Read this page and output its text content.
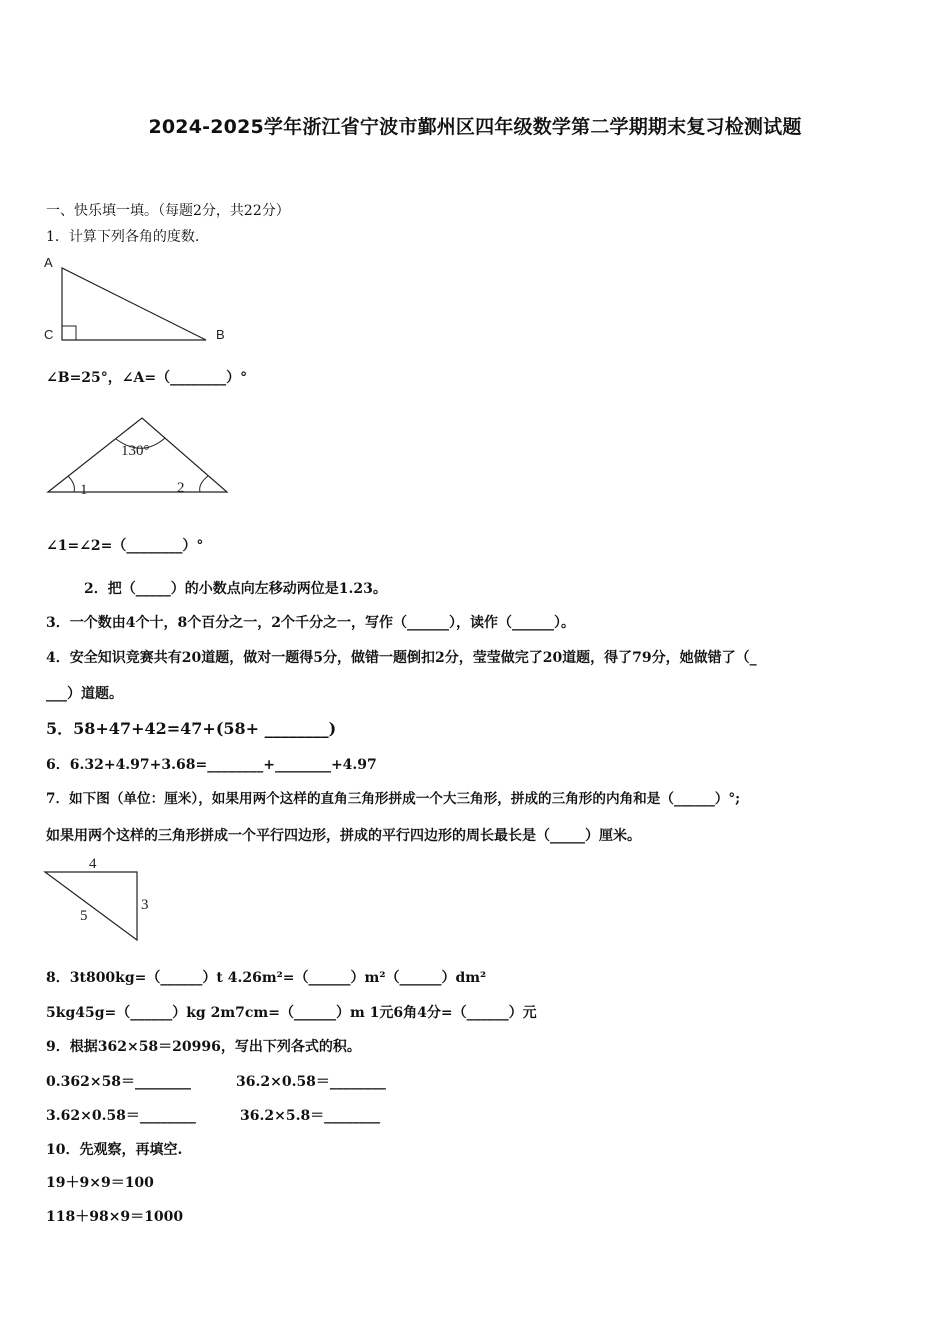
2024-2025学年浙江省宁波市鄞州区四年级数学第二学期期末复习检测试题
一、快乐填一填。（每题2分，共22分）
1．计算下列各角的度数.
A
C	B
∠B=25°，∠A=（________）°
130°
1	2
∠1=∠2=（________）°
2．把（_____）的小数点向左移动两位是1.23。
3．一个数由4个十，8个百分之一，2个千分之一，写作（______），读作（______）。
4．安全知识竞赛共有20道题，做对一题得5分，做错一题倒扣2分，莹莹做完了20道题，得了79分，她做错了（_
___）道题。
5．58+47+42=47+(58+ ________)
6．6.32+4.97+3.68=________+________+4.97
7．如下图（单位：厘米），如果用两个这样的直角三角形拼成一个大三角形，拼成的三角形的内角和是（______）°;
如果用两个这样的三角形拼成一个平行四边形，拼成的平行四边形的周长最长是（_____）厘米。
4
5
3
8．3t800kg=（______）t 4.26m²=（______）m²（______）dm²
5kg45g=（______）kg 2m7cm=（______）m 1元6角4分=（______）元
9．根据362×58＝20996，写出下列各式的积。
0.362×58＝________	36.2×0.58＝________
3.62×0.58＝________	36.2×5.8＝________
10．先观察，再填空.
19＋9×9＝100
118＋98×9＝1000
